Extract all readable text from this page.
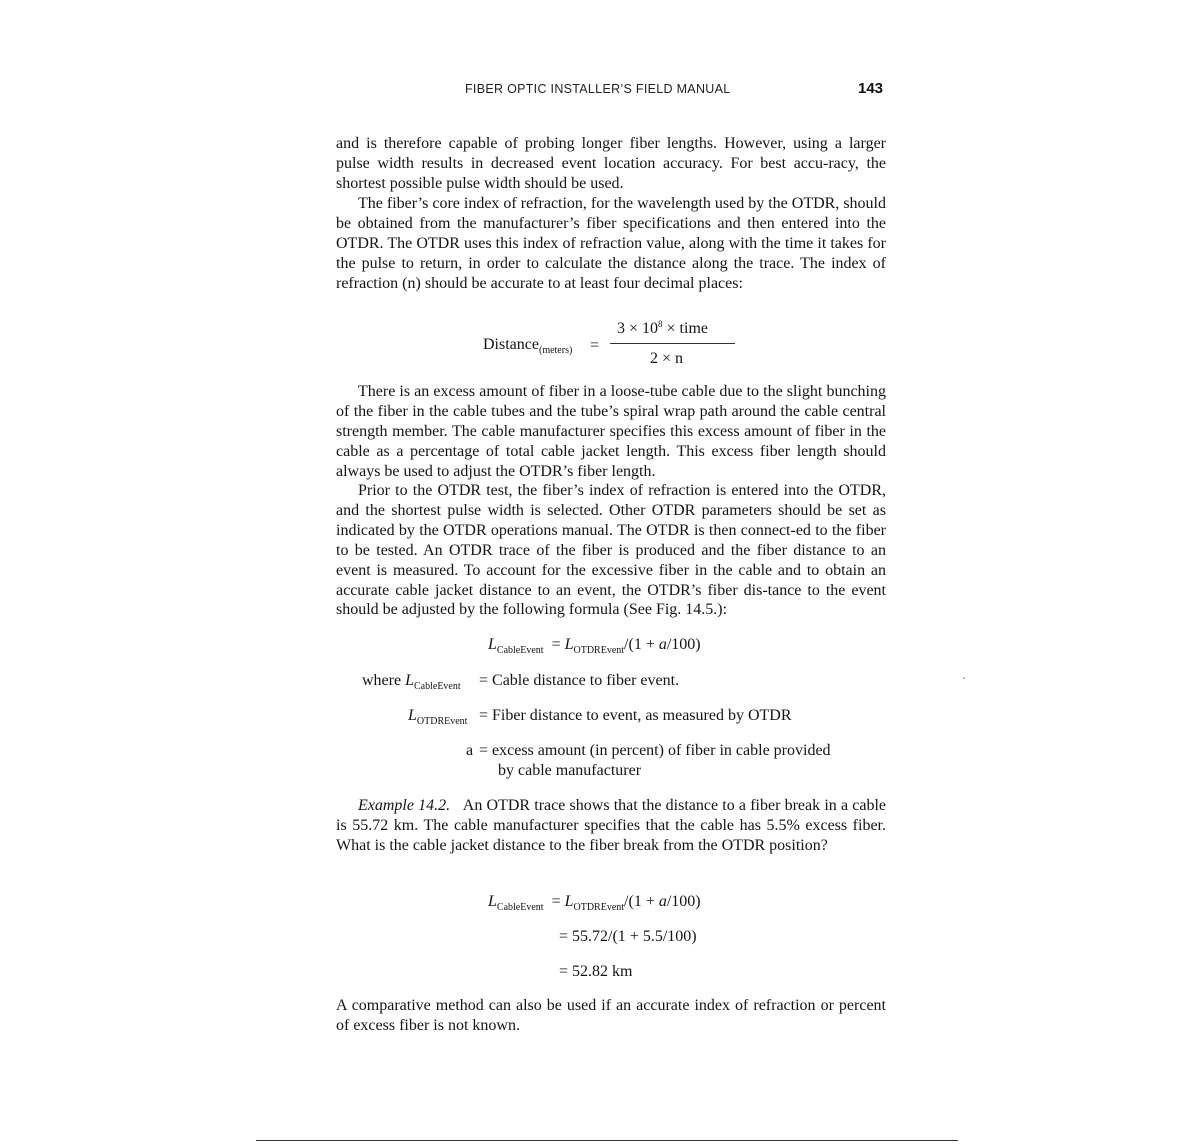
FIBER OPTIC INSTALLER’S FIELD MANUAL	143

and is therefore capable of probing longer fiber lengths. However, using a larger pulse width results in decreased event location accuracy. For best accu-racy, the shortest possible pulse width should be used.

The fiber’s core index of refraction, for the wavelength used by the OTDR, should be obtained from the manufacturer’s fiber specifications and then entered into the OTDR. The OTDR uses this index of refraction value, along with the time it takes for the pulse to return, in order to calculate the distance along the trace. The index of refraction (n) should be accurate to at least four decimal places:

Distance$_{(meters)}$ =
$3 \times 10^8$ × time
2 × n

There is an excess amount of fiber in a loose-tube cable due to the slight bunching of the fiber in the cable tubes and the tube’s spiral wrap path around the cable central strength member. The cable manufacturer specifies this excess amount of fiber in the cable as a percentage of total cable jacket length. This excess fiber length should always be used to adjust the OTDR’s fiber length.

Prior to the OTDR test, the fiber’s index of refraction is entered into the OTDR, and the shortest pulse width is selected. Other OTDR parameters should be set as indicated by the OTDR operations manual. The OTDR is then connect-ed to the fiber to be tested. An OTDR trace of the fiber is produced and the fiber distance to an event is measured. To account for the excessive fiber in the cable and to obtain an accurate cable jacket distance to an event, the OTDR’s fiber dis-tance to the event should be adjusted by the following formula (See Fig. 14.5.):

$L_{CableEvent} = L_{OTDREvent}/(1 + a/100)$
where $L_{CableEvent}$ = Cable distance to fiber event.
$L_{OTDREvent}$ = Fiber distance to event, as measured by OTDR
a = excess amount (in percent) of fiber in cable provided
by cable manufacturer

Example 14.2. An OTDR trace shows that the distance to a fiber break in a cable is 55.72 km. The cable manufacturer specifies that the cable has 5.5% excess fiber. What is the cable jacket distance to the fiber break from the OTDR position?

$L_{CableEvent} = L_{OTDREvent}/(1 + a/100)$
= 55.72/(1 + 5.5/100)
= 52.82 km

A comparative method can also be used if an accurate index of refraction or percent of excess fiber is not known.
